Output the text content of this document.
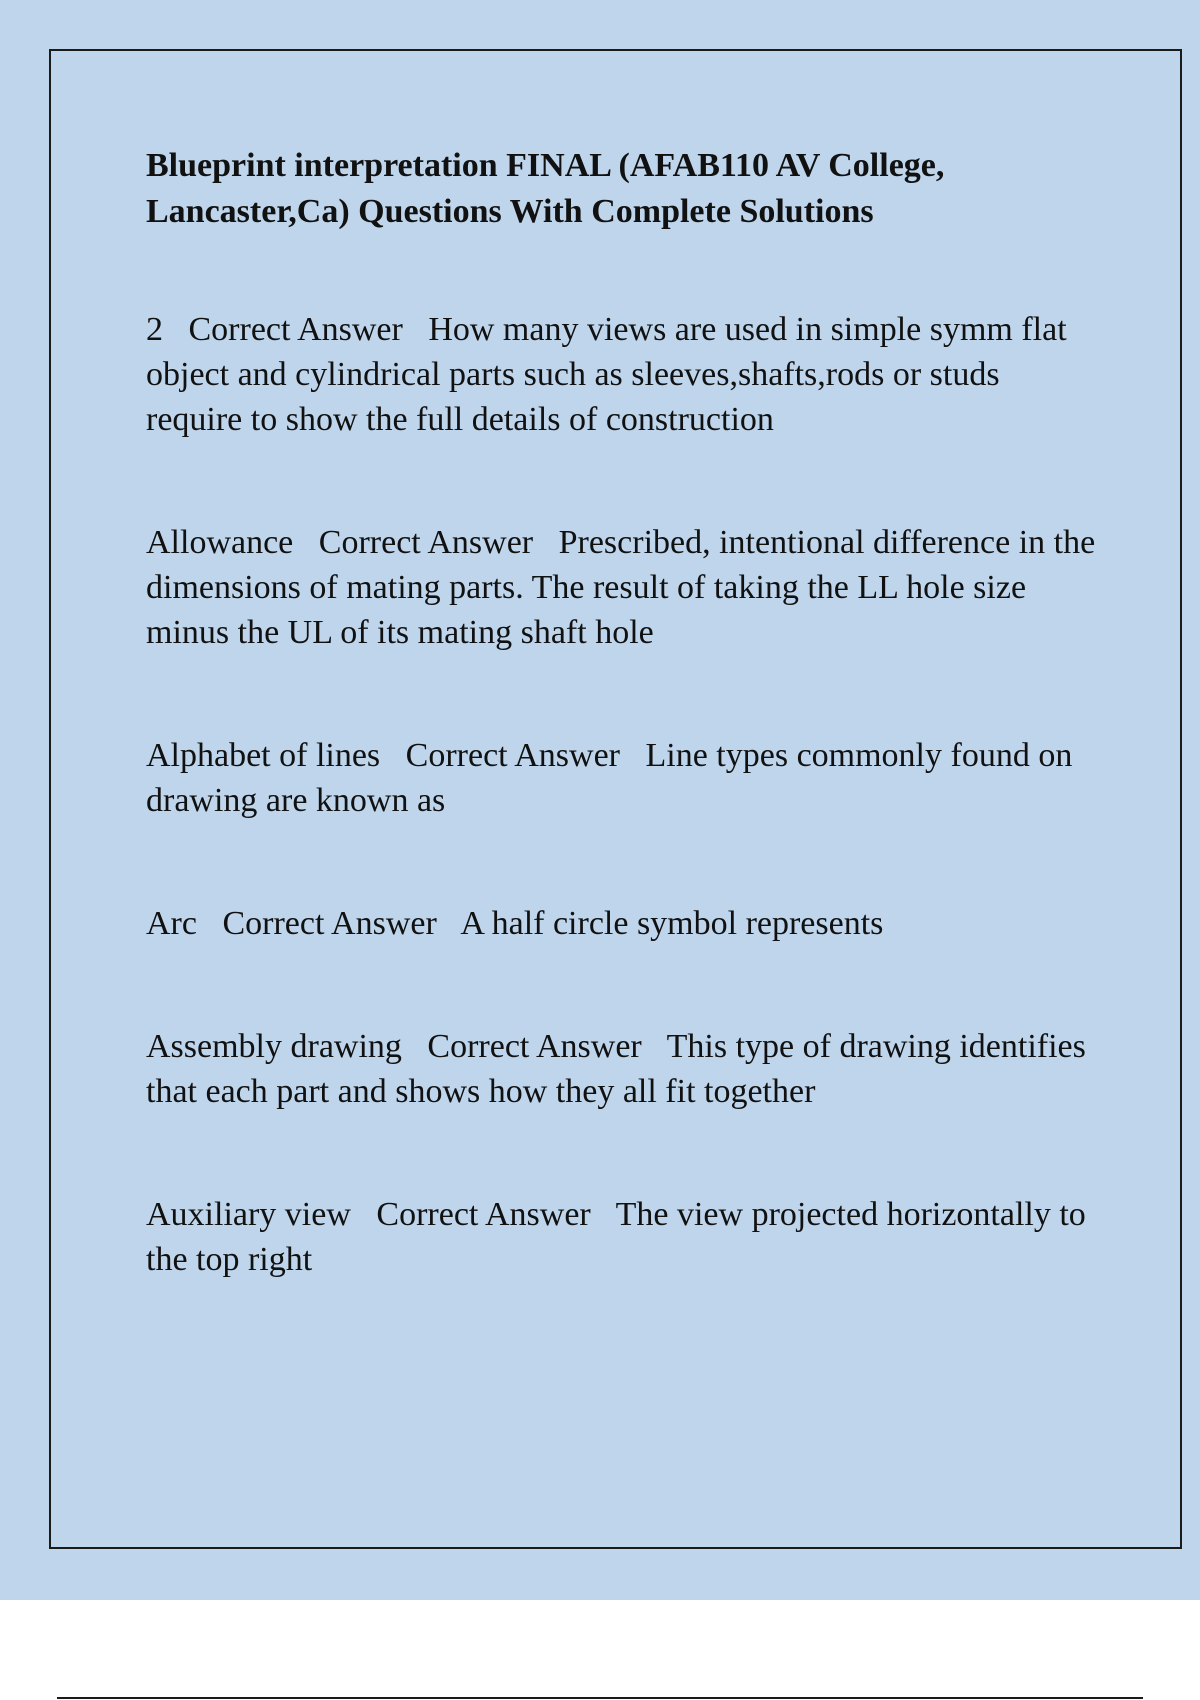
Blueprint interpretation FINAL (AFAB110 AV College, Lancaster,Ca) Questions With Complete Solutions
2 Correct Answer How many views are used in simple symm flat object and cylindrical parts such as sleeves,shafts,rods or studs require to show the full details of construction
Allowance Correct Answer Prescribed, intentional difference in the dimensions of mating parts. The result of taking the LL hole size minus the UL of its mating shaft hole
Alphabet of lines Correct Answer Line types commonly found on drawing are known as
Arc Correct Answer A half circle symbol represents
Assembly drawing Correct Answer This type of drawing identifies that each part and shows how they all fit together
Auxiliary view Correct Answer The view projected horizontally to the top right
